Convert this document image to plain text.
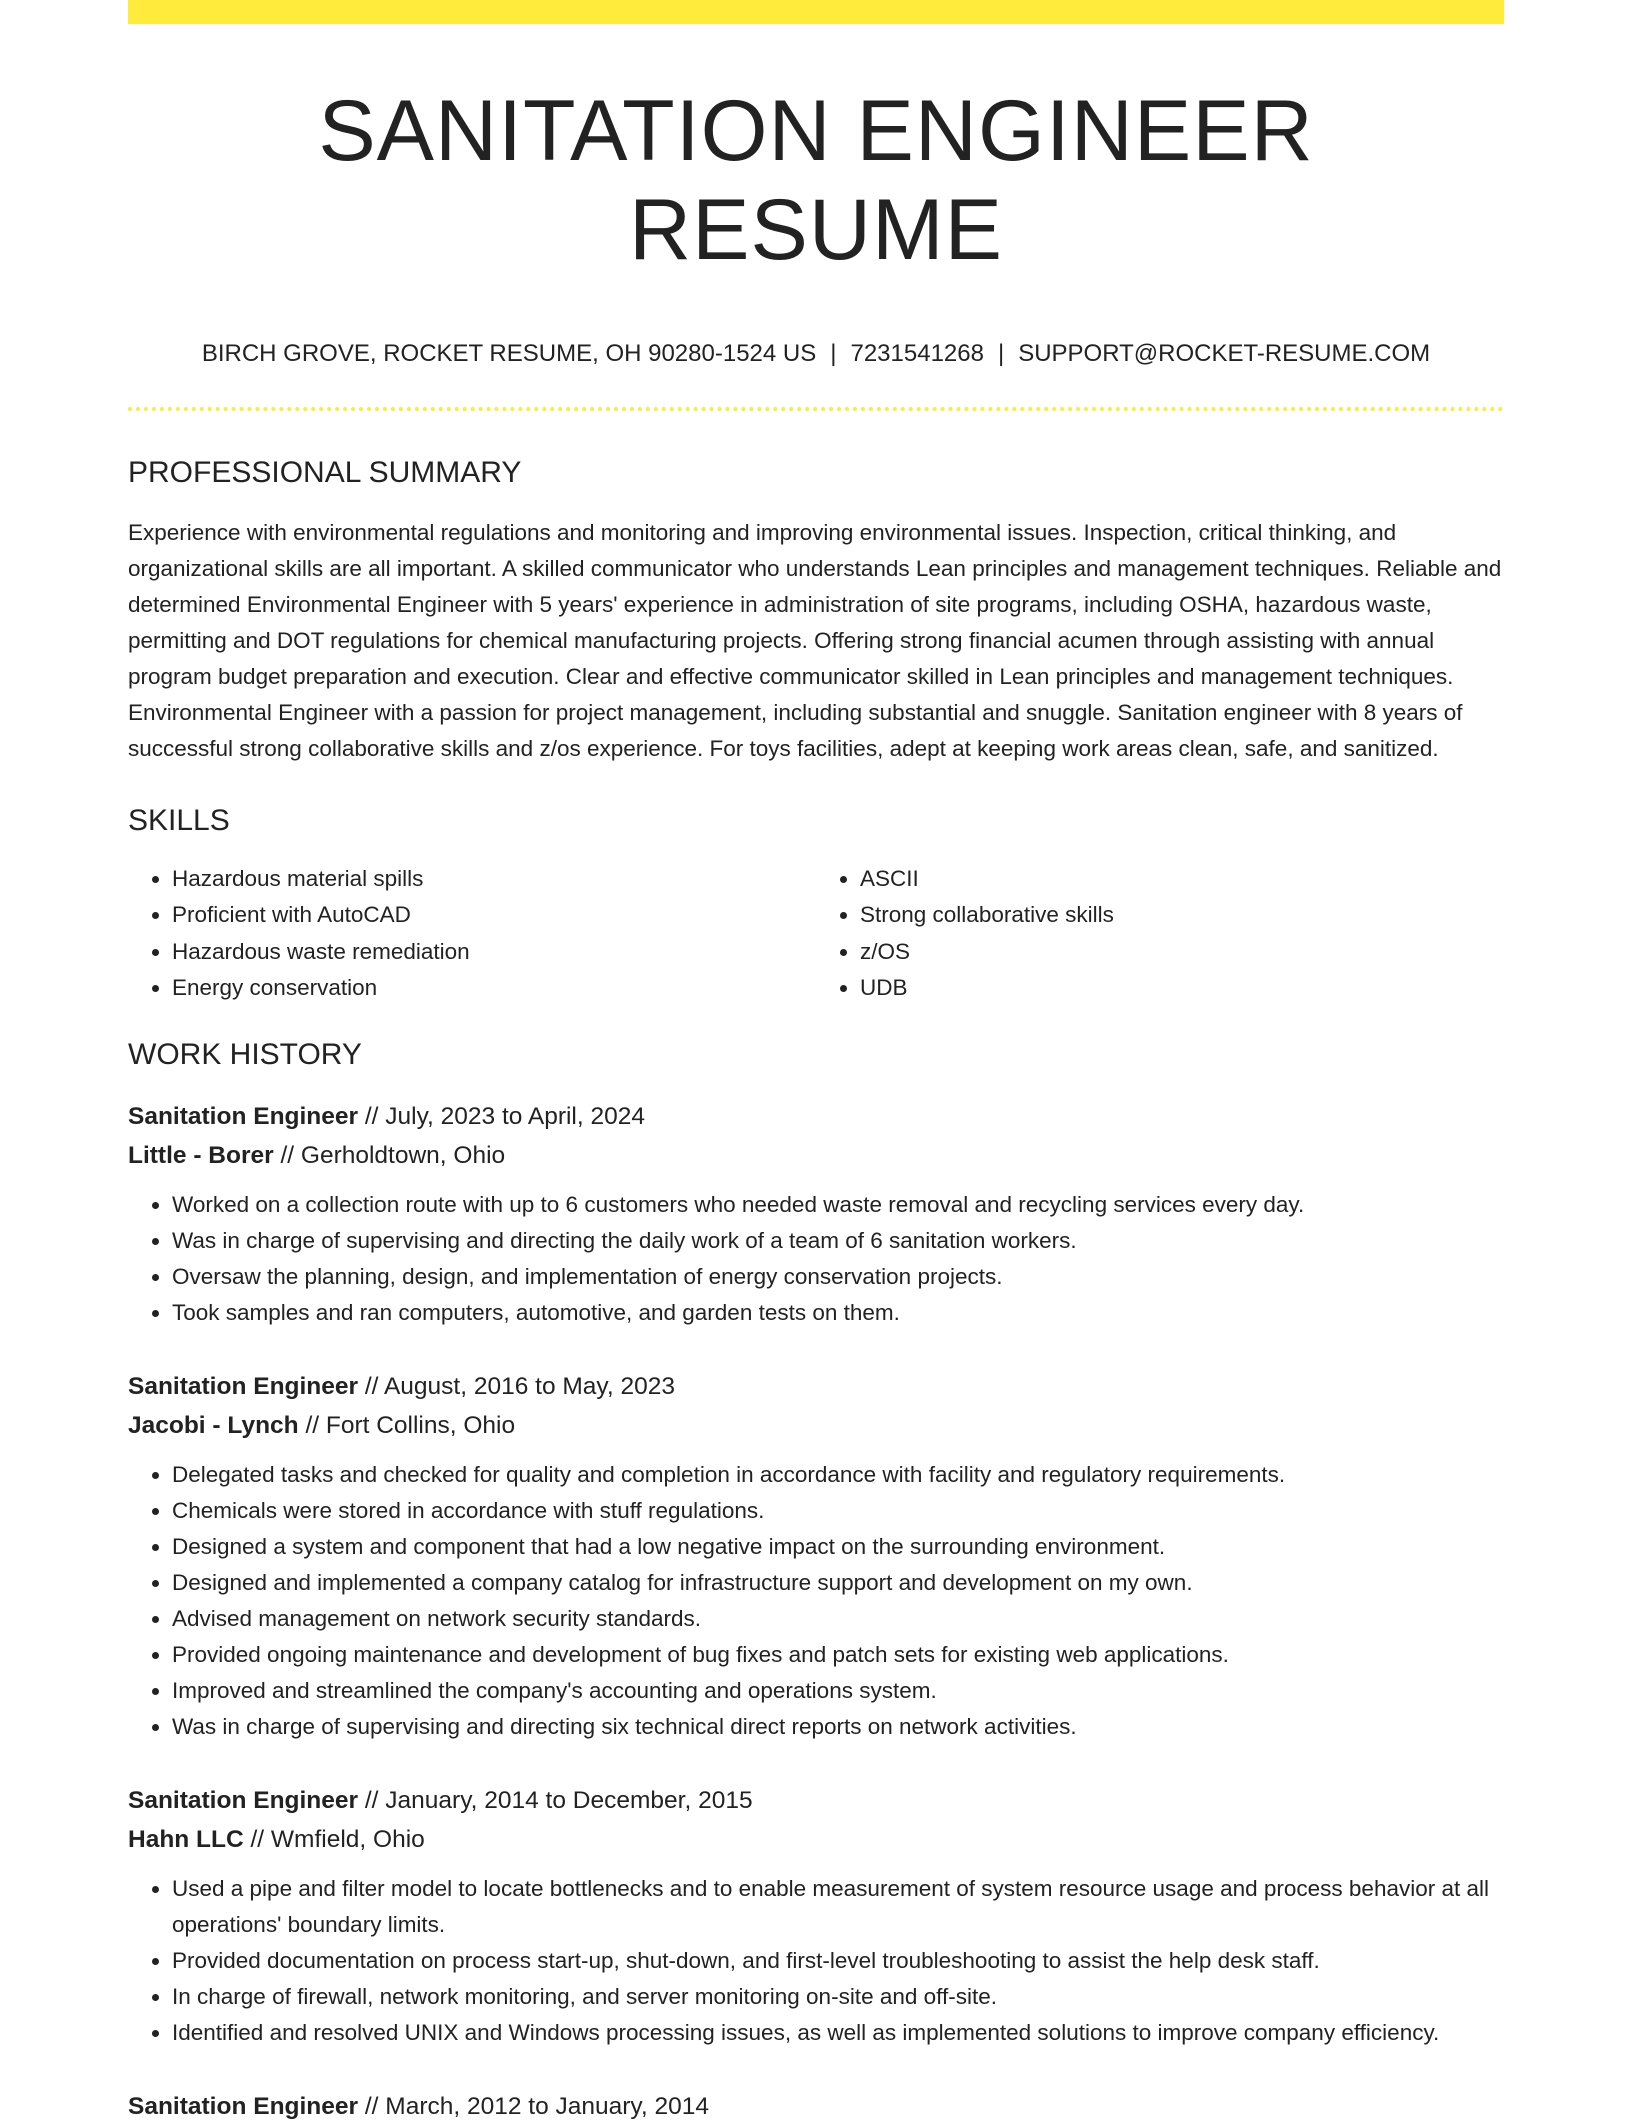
SANITATION ENGINEER RESUME
BIRCH GROVE, ROCKET RESUME, OH 90280-1524 US | 7231541268 | SUPPORT@ROCKET-RESUME.COM
PROFESSIONAL SUMMARY

Experience with environmental regulations and monitoring and improving environmental issues. Inspection, critical thinking, and organizational skills are all important. A skilled communicator who understands Lean principles and management techniques. Reliable and determined Environmental Engineer with 5 years' experience in administration of site programs, including OSHA, hazardous waste, permitting and DOT regulations for chemical manufacturing projects. Offering strong financial acumen through assisting with annual program budget preparation and execution. Clear and effective communicator skilled in Lean principles and management techniques. Environmental Engineer with a passion for project management, including substantial and snuggle. Sanitation engineer with 8 years of successful strong collaborative skills and z/os experience. For toys facilities, adept at keeping work areas clean, safe, and sanitized.

SKILLS
• Hazardous material spills
• Proficient with AutoCAD
• Hazardous waste remediation
• Energy conservation
• ASCII
• Strong collaborative skills
• z/OS
• UDB
WORK HISTORY
Sanitation Engineer // July, 2023 to April, 2024
Little - Borer // Gerholdtown, Ohio
• Worked on a collection route with up to 6 customers who needed waste removal and recycling services every day.
• Was in charge of supervising and directing the daily work of a team of 6 sanitation workers.
• Oversaw the planning, design, and implementation of energy conservation projects.
• Took samples and ran computers, automotive, and garden tests on them.
Sanitation Engineer // August, 2016 to May, 2023
Jacobi - Lynch // Fort Collins, Ohio
• Delegated tasks and checked for quality and completion in accordance with facility and regulatory requirements.
• Chemicals were stored in accordance with stuff regulations.
• Designed a system and component that had a low negative impact on the surrounding environment.
• Designed and implemented a company catalog for infrastructure support and development on my own.
• Advised management on network security standards.
• Provided ongoing maintenance and development of bug fixes and patch sets for existing web applications.
• Improved and streamlined the company's accounting and operations system.
• Was in charge of supervising and directing six technical direct reports on network activities.
Sanitation Engineer // January, 2014 to December, 2015
Hahn LLC // Wmfield, Ohio
• Used a pipe and filter model to locate bottlenecks and to enable measurement of system resource usage and process behavior at all operations' boundary limits.
• Provided documentation on process start-up, shut-down, and first-level troubleshooting to assist the help desk staff.
• In charge of firewall, network monitoring, and server monitoring on-site and off-site.
• Identified and resolved UNIX and Windows processing issues, as well as implemented solutions to improve company efficiency.
Sanitation Engineer // March, 2012 to January, 2014
